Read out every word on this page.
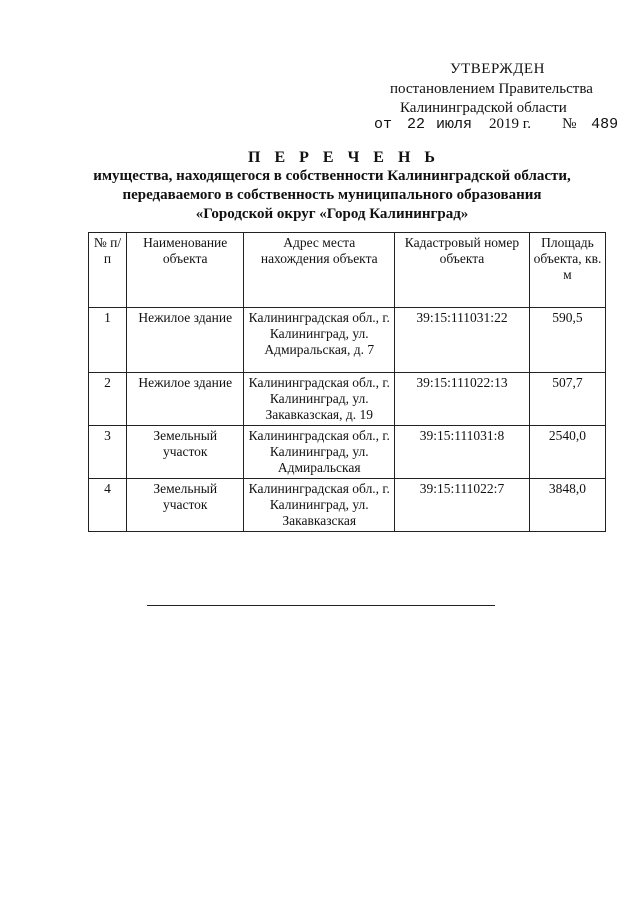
УТВЕРЖДЕН
постановлением Правительства
Калининградской области
от 22 июля 2019 г. № 489
П Е Р Е Ч Е Н Ь
имущества, находящегося в собственности Калининградской области,
передаваемого в собственность муниципального образования
«Городской округ «Город Калининград»
№ п/п	Наименование объекта	Адрес места нахождения объекта	Кадастровый номер объекта	Площадь объекта, кв. м
1	Нежилое здание	Калининградская обл., г. Калининград, ул. Адмиральская, д. 7	39:15:111031:22	590,5
2	Нежилое здание	Калининградская обл., г. Калининград, ул. Закавказская, д. 19	39:15:111022:13	507,7
3	Земельный участок	Калининградская обл., г. Калининград, ул. Адмиральская	39:15:111031:8	2540,0
4	Земельный участок	Калининградская обл., г. Калининград, ул. Закавказская	39:15:111022:7	3848,0
